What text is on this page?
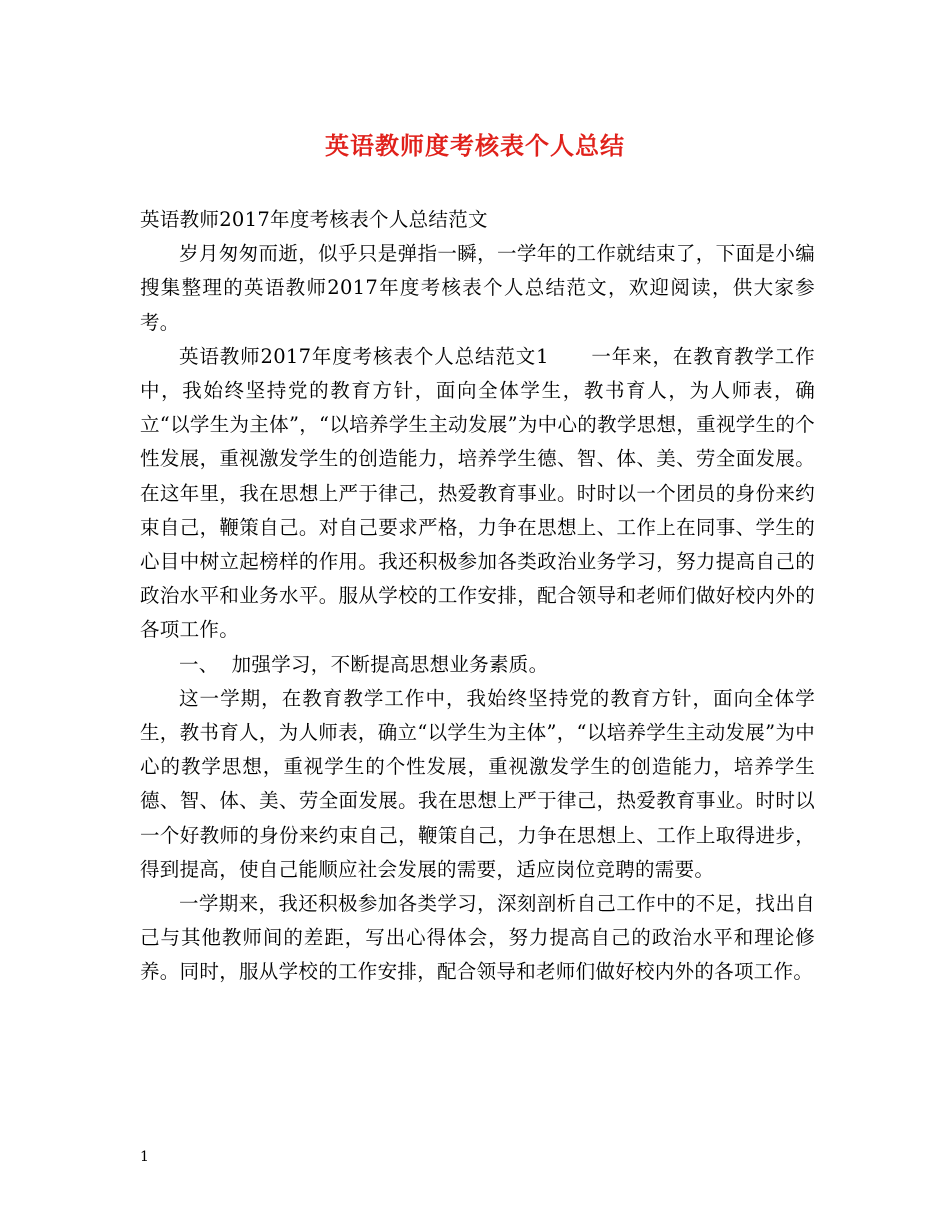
英语教师度考核表个人总结

英语教师2017年度考核表个人总结范文

岁月匆匆而逝，似乎只是弹指一瞬，一学年的工作就结束了，下面是小编搜集整理的英语教师2017年度考核表个人总结范文，欢迎阅读，供大家参考。

英语教师2017年度考核表个人总结范文1 一年来，在教育教学工作中，我始终坚持党的教育方针，面向全体学生，教书育人，为人师表，确立“以学生为主体”，“以培养学生主动发展”为中心的教学思想，重视学生的个性发展，重视激发学生的创造能力，培养学生德、智、体、美、劳全面发展。在这年里，我在思想上严于律己，热爱教育事业。时时以一个团员的身份来约束自己，鞭策自己。对自己要求严格，力争在思想上、工作上在同事、学生的心目中树立起榜样的作用。我还积极参加各类政治业务学习，努力提高自己的政治水平和业务水平。服从学校的工作安排，配合领导和老师们做好校内外的各项工作。

一、  加强学习，不断提高思想业务素质。

这一学期，在教育教学工作中，我始终坚持党的教育方针，面向全体学生，教书育人，为人师表，确立“以学生为主体”，“以培养学生主动发展”为中心的教学思想，重视学生的个性发展，重视激发学生的创造能力，培养学生德、智、体、美、劳全面发展。我在思想上严于律己，热爱教育事业。时时以一个好教师的身份来约束自己，鞭策自己，力争在思想上、工作上取得进步，得到提高，使自己能顺应社会发展的需要，适应岗位竞聘的需要。

一学期来，我还积极参加各类学习，深刻剖析自己工作中的不足，找出自己与其他教师间的差距，写出心得体会，努力提高自己的政治水平和理论修养。同时，服从学校的工作安排，配合领导和老师们做好校内外的各项工作。

1
